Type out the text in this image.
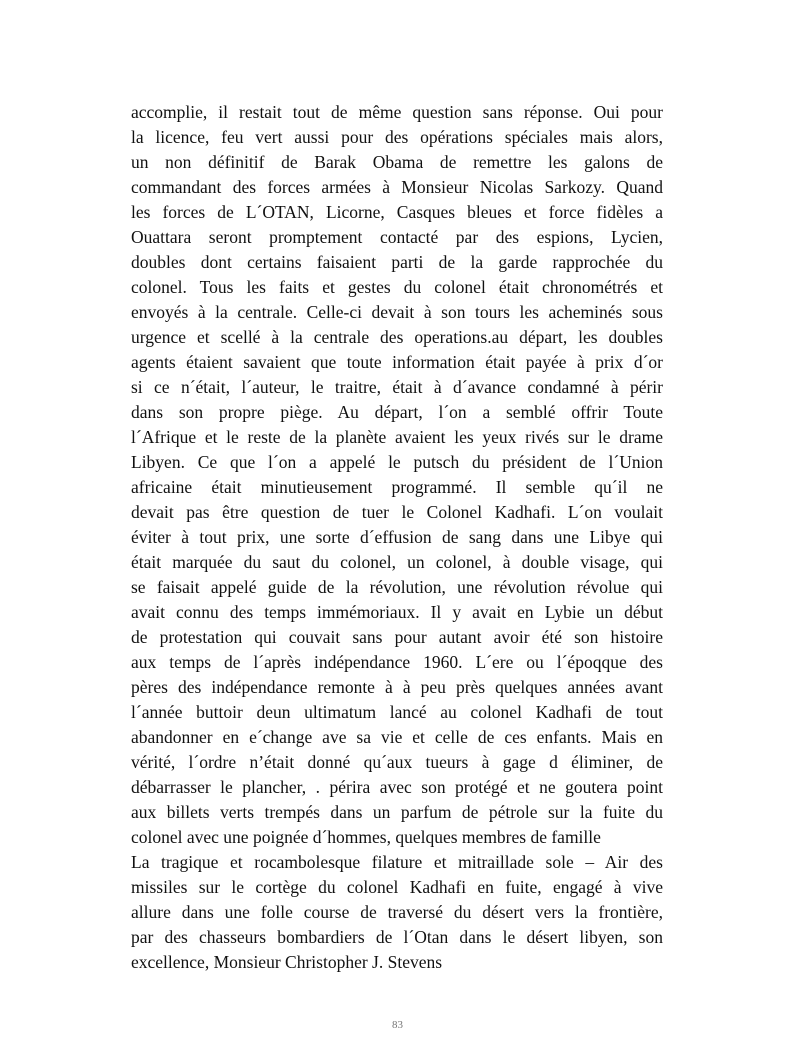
accomplie, il restait tout de même question sans réponse. Oui pour
la licence, feu vert aussi pour des opérations spéciales mais alors,
un non définitif de Barak Obama de remettre les galons de
commandant des forces armées à Monsieur Nicolas Sarkozy. Quand
les forces de L´OTAN, Licorne, Casques bleues et force fidèles a
Ouattara seront promptement contacté par des espions, Lycien,
doubles dont certains faisaient parti de la garde rapprochée du
colonel. Tous les faits et gestes du colonel était chronométrés et
envoyés à la centrale. Celle-ci devait à son tours les acheminés sous
urgence et scellé à la centrale des operations.au départ, les doubles
agents étaient savaient que toute information était payée à prix d´or
si ce n´était, l´auteur, le traitre, était à d´avance condamné à périr
dans son propre piège. Au départ, l´on a semblé offrir Toute
l´Afrique et le reste de la planète avaient les yeux rivés sur le drame
Libyen. Ce que l´on a appelé le putsch du président de l´Union
africaine était minutieusement programmé. Il semble qu´il ne
devait pas être question de tuer le Colonel Kadhafi. L´on voulait
éviter à tout prix, une sorte d´effusion de sang dans une Libye qui
était marquée du saut du colonel, un colonel, à double visage, qui
se faisait appelé guide de la révolution, une révolution révolue qui
avait connu des temps immémoriaux. Il y avait en Lybie un début
de protestation qui couvait sans pour autant avoir été son histoire
aux temps de l´après indépendance 1960. L´ere ou l´époqque des
pères des indépendance remonte à à peu près quelques années avant
l´année buttoir deun ultimatum lancé au colonel Kadhafi de tout
abandonner en e´change ave sa vie et celle de ces enfants. Mais en
vérité, l´ordre n’était donné qu´aux tueurs à gage d éliminer, de
débarrasser le plancher, . périra avec son protégé et ne goutera point
aux billets verts trempés dans un parfum de pétrole sur la fuite du
colonel avec une poignée d´hommes, quelques membres de famille
La tragique et rocambolesque filature et mitraillade sole – Air des
missiles sur le cortège du colonel Kadhafi en fuite, engagé à vive
allure dans une folle course de traversé du désert vers la frontière,
par des chasseurs bombardiers de l´Otan dans le désert libyen, son
excellence, Monsieur Christopher J. Stevens
83
